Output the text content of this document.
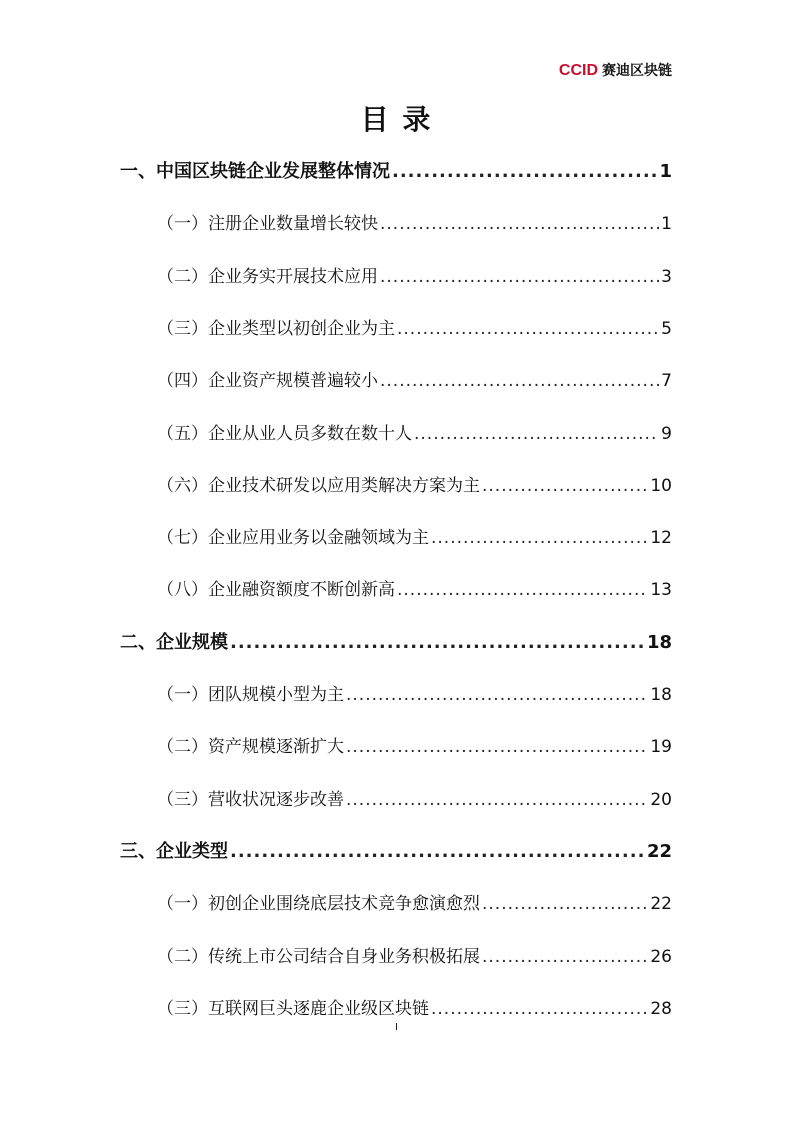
CCID 赛迪区块链
目 录
一、中国区块链企业发展整体情况 .....	1
（一）注册企业数量增长较快 .....	1
（二）企业务实开展技术应用 .....	3
（三）企业类型以初创企业为主 .....	5
（四）企业资产规模普遍较小 .....	7
（五）企业从业人员多数在数十人 .....	9
（六）企业技术研发以应用类解决方案为主 .....	10
（七）企业应用业务以金融领域为主 .....	12
（八）企业融资额度不断创新高 .....	13
二、企业规模 .....	18
（一）团队规模小型为主 .....	18
（二）资产规模逐渐扩大 .....	19
（三）营收状况逐步改善 .....	20
三、企业类型 .....	22
（一）初创企业围绕底层技术竞争愈演愈烈 .....	22
（二）传统上市公司结合自身业务积极拓展 .....	26
（三）互联网巨头逐鹿企业级区块链 .....	28
I
